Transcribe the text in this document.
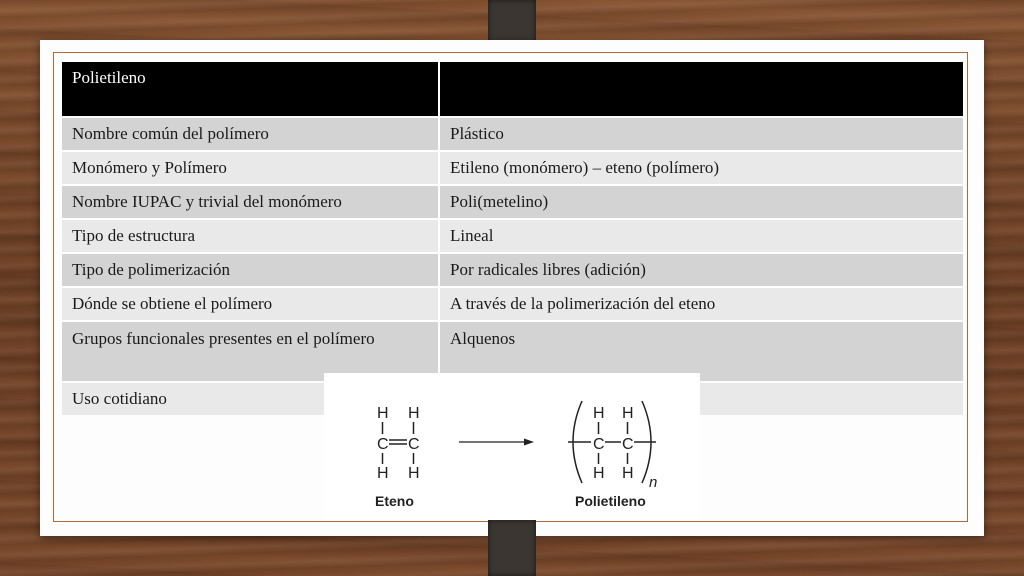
Polietileno	
Nombre común del polímero	Plástico
Monómero y Polímero	Etileno (monómero) – eteno (polímero)
Nombre IUPAC y trivial del monómero	Poli(metelino)
Tipo de estructura	Lineal
Tipo de polimerización	Por radicales libres (adición)
Dónde se obtiene el polímero	A través de la polimerización del eteno
Grupos funcionales presentes en el polímero	Alquenos
Uso cotidiano	
H H
C C
H H
Eteno
H H
C C
H H
n
Polietileno
